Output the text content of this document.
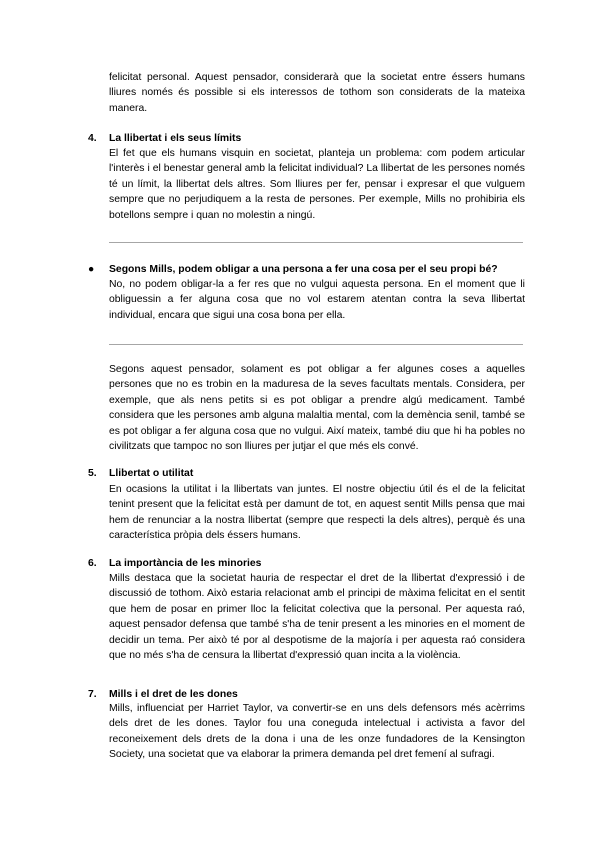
felicitat personal. Aquest pensador, considerarà que la societat entre éssers humans lliures només és possible si els interessos de tothom son considerats de la mateixa manera.
4. La llibertat i els seus límits
El fet que els humans visquin en societat, planteja un problema: com podem articular l'interès i el benestar general amb la felicitat individual? La llibertat de les persones només té un límit, la llibertat dels altres. Som lliures per fer, pensar i expresar el que vulguem sempre que no perjudiquem a la resta de persones. Per exemple, Mills no prohibiria els botellons sempre i quan no molestin a ningú.
● Segons Mills, podem obligar a una persona a fer una cosa per el seu propi bé?
No, no podem obligar-la a fer res que no vulgui aquesta persona. En el moment que li obliguessin a fer alguna cosa que no vol estarem atentan contra la seva llibertat individual, encara que sigui una cosa bona per ella.
Segons aquest pensador, solament es pot obligar a fer algunes coses a aquelles persones que no es trobin en la maduresa de la seves facultats mentals. Considera, per exemple, que als nens petits si es pot obligar a prendre algú medicament. També considera que les persones amb alguna malaltia mental, com la demència senil, també se es pot obligar a fer alguna cosa que no vulgui. Així mateix, també diu que hi ha pobles no civilitzats que tampoc no son lliures per jutjar el que més els convé.
5. Llibertat o utilitat
En ocasions la utilitat i la llibertats van juntes. El nostre objectiu útil és el de la felicitat tenint present que la felicitat està per damunt de tot, en aquest sentit Mills pensa que mai hem de renunciar a la nostra llibertat (sempre que respecti la dels altres), perquè és una característica pròpia dels éssers humans.
6. La importància de les minories
Mills destaca que la societat hauria de respectar el dret de la llibertat d'expressió i de discussió de tothom. Això estaria relacionat amb el principi de màxima felicitat en el sentit que hem de posar en primer lloc la felicitat colectiva que la personal. Per aquesta raó, aquest pensador defensa que també s'ha de tenir present a les minories en el moment de decidir un tema. Per això té por al despotisme de la majoría i per aquesta raó considera que no més s'ha de censura la llibertat d'expressió quan incita a la violència.
7. Mills i el dret de les dones
Mills, influenciat per Harriet Taylor, va convertir-se en uns dels defensors més acèrrims dels dret de les dones. Taylor fou una coneguda intelectual i activista a favor del reconeixement dels drets de la dona i una de les onze fundadores de la Kensington Society, una societat que va elaborar la primera demanda pel dret femení al sufragi.
